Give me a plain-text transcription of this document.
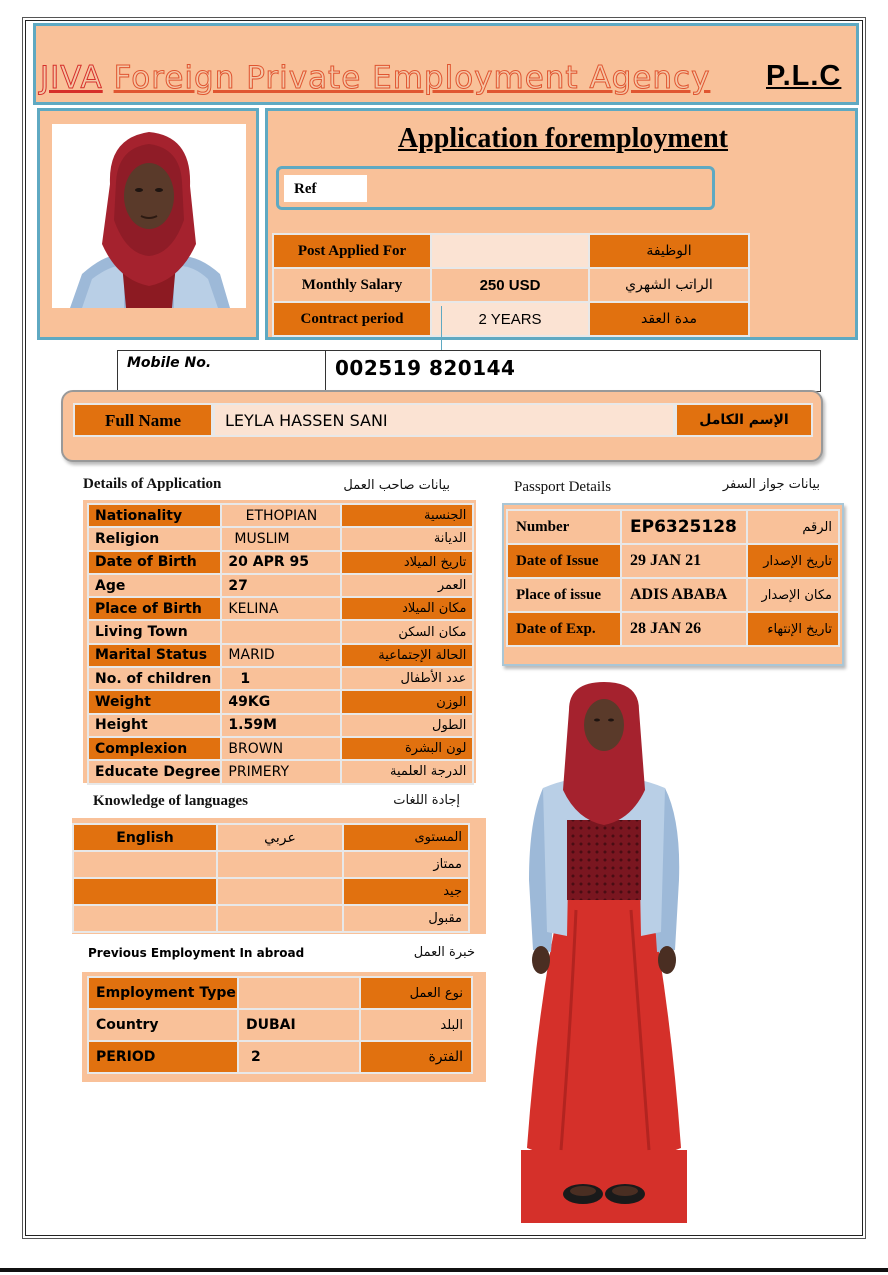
JIVA Foreign Private Employment Agency P.L.C
Application foremployment
Ref
Post Applied For		الوظيفة
Monthly Salary	250 USD	الراتب الشهري
Contract period	2 YEARS	مدة العقد
Mobile No.	002519 820144
Full Name	LEYLA HASSEN SANI	الإسم الكامل
Details of Application	بيانات صاحب العمل
Nationality	ETHOPIAN	الجنسية
Religion	MUSLIM	الديانة
Date of Birth	20 APR 95	تاريخ الميلاد
Age	27	العمر
Place of Birth	KELINA	مكان الميلاد
Living Town		مكان السكن
Marital Status	MARID	الحالة الإجتماعية
No. of children	1	عدد الأطفال
Weight	49KG	الوزن
Height	1.59M	الطول
Complexion	BROWN	لون البشرة
Educate Degree	PRIMERY	الدرجة العلمية
Passport Details	بيانات جواز السفر
Number	EP6325128	الرقم
Date of Issue	29 JAN 21	تاريخ الإصدار
Place of issue	ADIS ABABA	مكان الإصدار
Date of Exp.	28 JAN 26	تاريخ الإنتهاء
Knowledge of languages	إجادة اللغات
English	عربي	المستوى
		ممتاز
		جيد
		مقبول
Previous Employment In abroad	خبرة العمل
Employment Type		نوع العمل
Country	DUBAI	البلد
PERIOD	2	الفترة
